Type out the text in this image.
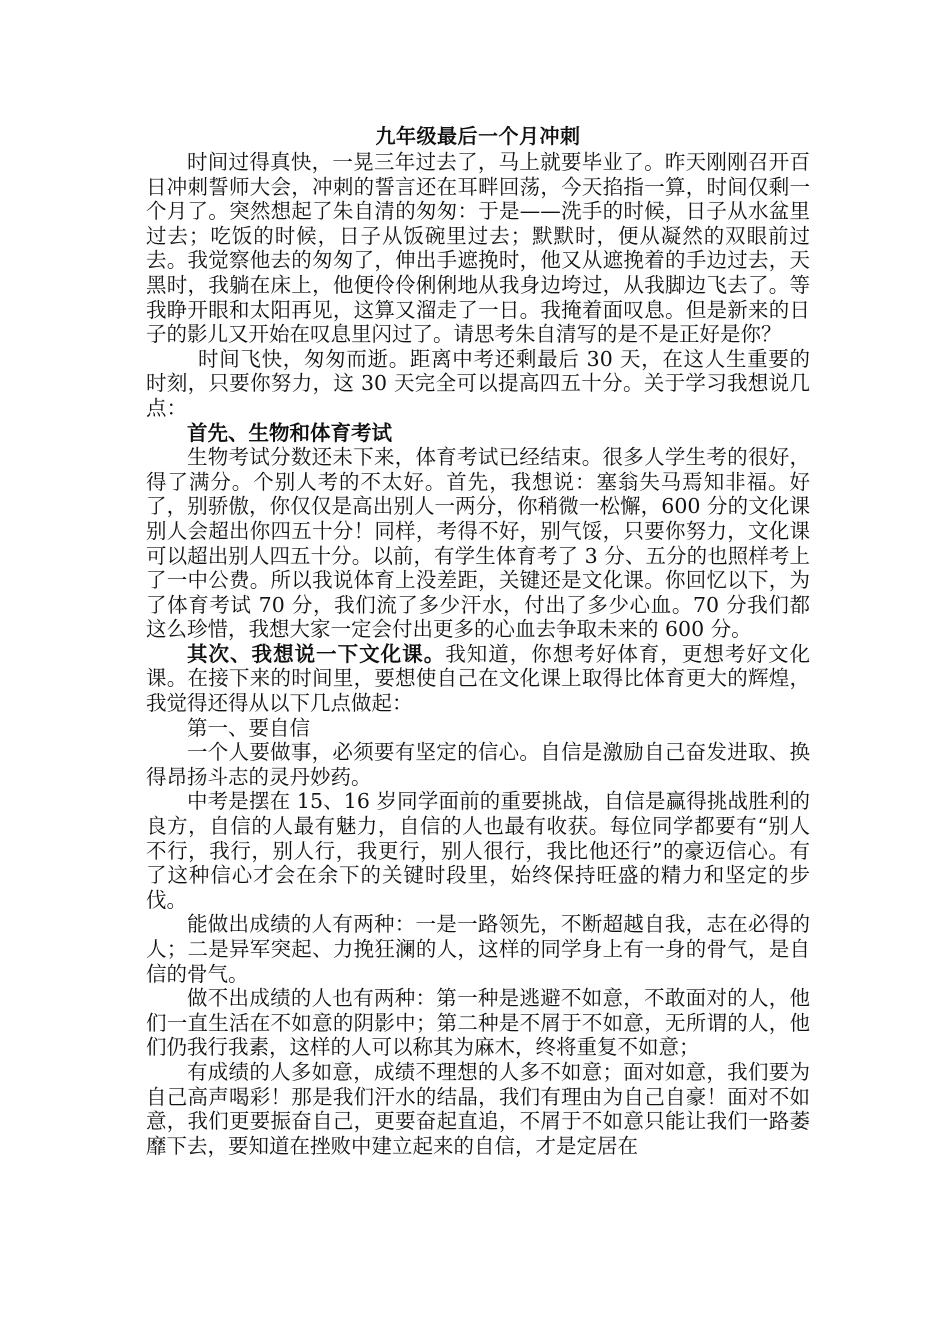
九年级最后一个月冲刺

时间过得真快，一晃三年过去了，马上就要毕业了。昨天刚刚召开百日冲刺誓师大会，冲刺的誓言还在耳畔回荡，今天掐指一算，时间仅剩一个月了。突然想起了朱自清的匆匆：于是——洗手的时候，日子从水盆里过去；吃饭的时候，日子从饭碗里过去；默默时，便从凝然的双眼前过去。我觉察他去的匆匆了，伸出手遮挽时，他又从遮挽着的手边过去，天黑时，我躺在床上，他便伶伶俐俐地从我身边垮过，从我脚边飞去了。等我睁开眼和太阳再见，这算又溜走了一日。我掩着面叹息。但是新来的日子的影儿又开始在叹息里闪过了。请思考朱自清写的是不是正好是你？

时间飞快，匆匆而逝。距离中考还剩最后 30 天，在这人生重要的时刻，只要你努力，这 30 天完全可以提高四五十分。关于学习我想说几点：

首先、生物和体育考试

生物考试分数还未下来，体育考试已经结束。很多人学生考的很好，得了满分。个别人考的不太好。首先，我想说：塞翁失马焉知非福。好了，别骄傲，你仅仅是高出别人一两分，你稍微一松懈，600 分的文化课别人会超出你四五十分！同样，考得不好，别气馁，只要你努力，文化课可以超出别人四五十分。以前，有学生体育考了 3 分、五分的也照样考上了一中公费。所以我说体育上没差距，关键还是文化课。你回忆以下，为了体育考试 70 分，我们流了多少汗水，付出了多少心血。70 分我们都这么珍惜，我想大家一定会付出更多的心血去争取未来的 600 分。

其次、我想说一下文化课。我知道，你想考好体育，更想考好文化课。在接下来的时间里，要想使自己在文化课上取得比体育更大的辉煌，我觉得还得从以下几点做起：

第一、要自信

一个人要做事，必须要有坚定的信心。自信是激励自己奋发进取、换得昂扬斗志的灵丹妙药。

中考是摆在 15、16 岁同学面前的重要挑战，自信是赢得挑战胜利的良方，自信的人最有魅力，自信的人也最有收获。每位同学都要有“别人不行，我行，别人行，我更行，别人很行，我比他还行”的豪迈信心。有了这种信心才会在余下的关键时段里，始终保持旺盛的精力和坚定的步伐。

能做出成绩的人有两种：一是一路领先，不断超越自我，志在必得的人；二是异军突起、力挽狂澜的人，这样的同学身上有一身的骨气，是自信的骨气。

做不出成绩的人也有两种：第一种是逃避不如意，不敢面对的人，他们一直生活在不如意的阴影中；第二种是不屑于不如意，无所谓的人，他们仍我行我素，这样的人可以称其为麻木，终将重复不如意；

有成绩的人多如意，成绩不理想的人多不如意；面对如意，我们要为自己高声喝彩！那是我们汗水的结晶，我们有理由为自己自豪！面对不如意，我们更要振奋自己，更要奋起直追，不屑于不如意只能让我们一路萎靡下去，要知道在挫败中建立起来的自信，才是定居在
